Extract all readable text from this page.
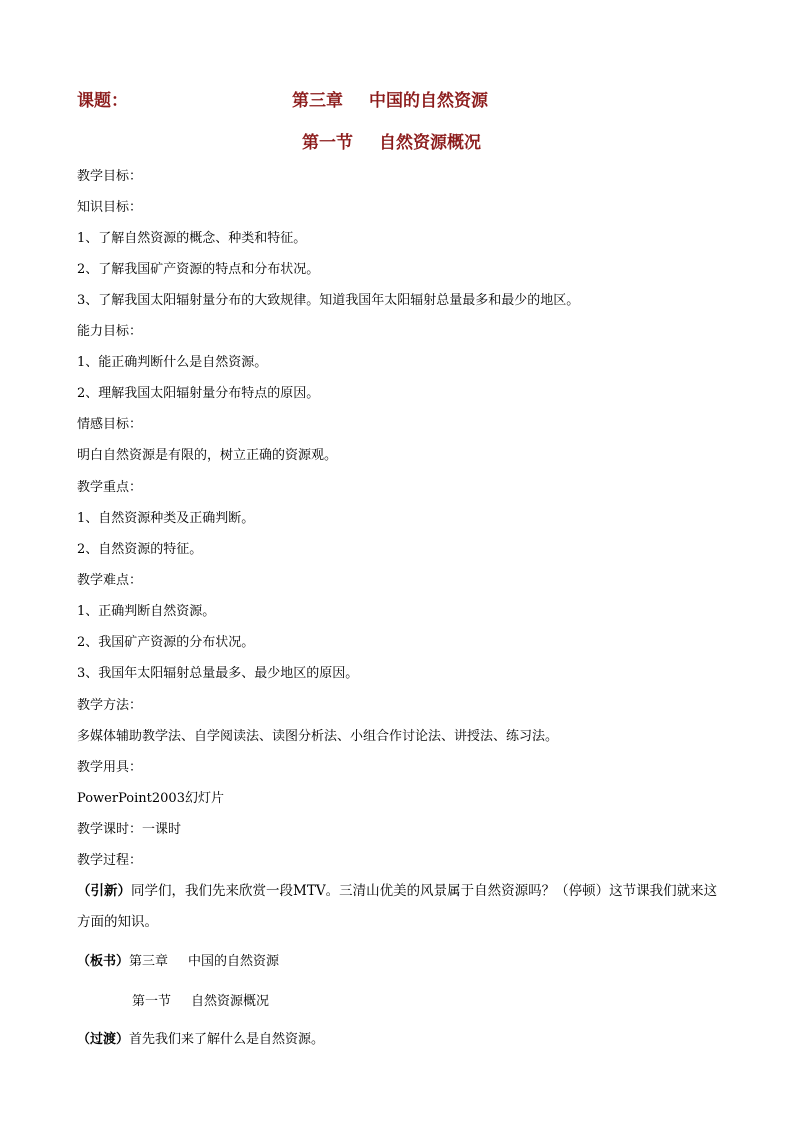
课题：	第三章 中国的自然资源
第一节 自然资源概况
教学目标：
知识目标：
1、了解自然资源的概念、种类和特征。
2、了解我国矿产资源的特点和分布状况。
3、了解我国太阳辐射量分布的大致规律。知道我国年太阳辐射总量最多和最少的地区。
能力目标：
1、能正确判断什么是自然资源。
2、理解我国太阳辐射量分布特点的原因。
情感目标：
明白自然资源是有限的，树立正确的资源观。
教学重点：
1、自然资源种类及正确判断。
2、自然资源的特征。
教学难点：
1、正确判断自然资源。
2、我国矿产资源的分布状况。
3、我国年太阳辐射总量最多、最少地区的原因。
教学方法：
多媒体辅助教学法、自学阅读法、读图分析法、小组合作讨论法、讲授法、练习法。
教学用具：
PowerPoint2003幻灯片
教学课时：一课时
教学过程：
（引新）同学们，我们先来欣赏一段MTV。三清山优美的风景属于自然资源吗？（停顿）这节课我们就来这方面的知识。
（板书）第三章 中国的自然资源
第一节 自然资源概况
（过渡）首先我们来了解什么是自然资源。
